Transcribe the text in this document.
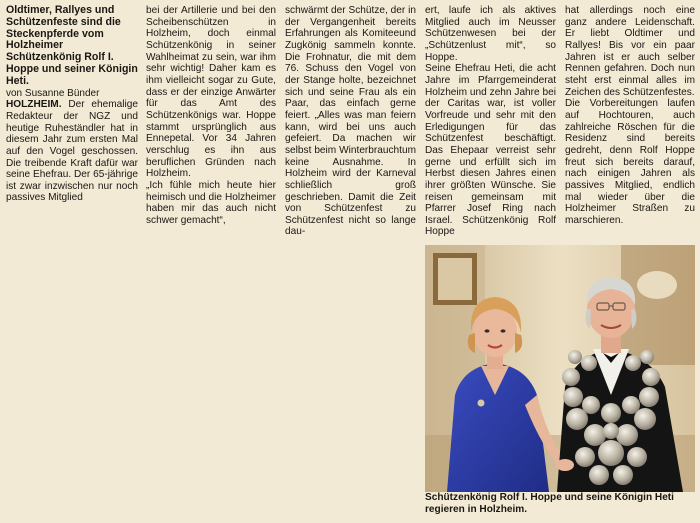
Oldtimer, Rallyes und Schützenfeste sind die Steckenpferde vom Holzheimer Schützenkönig Rolf I. Hoppe und seiner Königin Heti.

von Susanne Bünder

HOLZHEIM. Der ehemalige Redakteur der NGZ und heutige Ruheständler hat in diesem Jahr zum ersten Mal auf den Vogel geschossen. Die treibende Kraft dafür war seine Ehefrau. Der 65-jährige ist zwar inzwischen nur noch passives Mitglied

bei der Artillerie und bei den Scheibenschützen in Holzheim, doch einmal Schützenkönig in seiner Wahlheimat zu sein, war ihm sehr wichtig! Daher kam es ihm vielleicht sogar zu Gute, dass er der einzige Anwärter für das Amt des Schützenkönigs war. Hoppe stammt ursprünglich aus Ennepetal. Vor 34 Jahren verschlug es ihn aus beruflichen Gründen nach Holzheim.

„Ich fühle mich heute hier heimisch und die Holzheimer haben mir das auch nicht schwer gemacht“,

schwärmt der Schütze, der in der Vergangenheit bereits Erfahrungen als Komiteeund Zugkönig sammeln konnte. Die Frohnatur, die mit dem 76. Schuss den Vogel von der Stange holte, bezeichnet sich und seine Frau als ein Paar, das einfach gerne feiert. „Alles was man feiern kann, wird bei uns auch gefeiert. Da machen wir selbst beim Winterbrauchtum keine Ausnahme. In Holzheim wird der Karneval schließlich groß geschrieben. Damit die Zeit von Schützenfest zu Schützenfest nicht so lange dau-

ert, laufe ich als aktives Mitglied auch im Neusser Schützenwesen bei der „Schützenlust mit“, so Hoppe.

Seine Ehefrau Heti, die acht Jahre im Pfarrgemeinderat Holzheim und zehn Jahre bei der Caritas war, ist voller Vorfreude und sehr mit den Erledigungen für das Schützenfest beschäftigt. Das Ehepaar verreist sehr gerne und erfüllt sich im Herbst diesen Jahres einen ihrer größten Wünsche. Sie reisen gemeinsam mit Pfarrer Josef Ring nach Israel. Schützenkönig Rolf Hoppe

hat allerdings noch eine ganz andere Leidenschaft. Er liebt Oldtimer und Rallyes! Bis vor ein paar Jahren ist er auch selber Rennen gefahren. Doch nun steht erst einmal alles im Zeichen des Schützenfestes.

Die Vorbereitungen laufen auf Hochtouren, auch zahlreiche Röschen für die Residenz sind bereits gedreht, denn Rolf Hoppe freut sich bereits darauf, nach einigen Jahren als passives Mitglied, endlich mal wieder über die Holzheimer Straßen zu marschieren.

Schützenkönig Rolf I. Hoppe und seine Königin Heti regieren in Holzheim.
